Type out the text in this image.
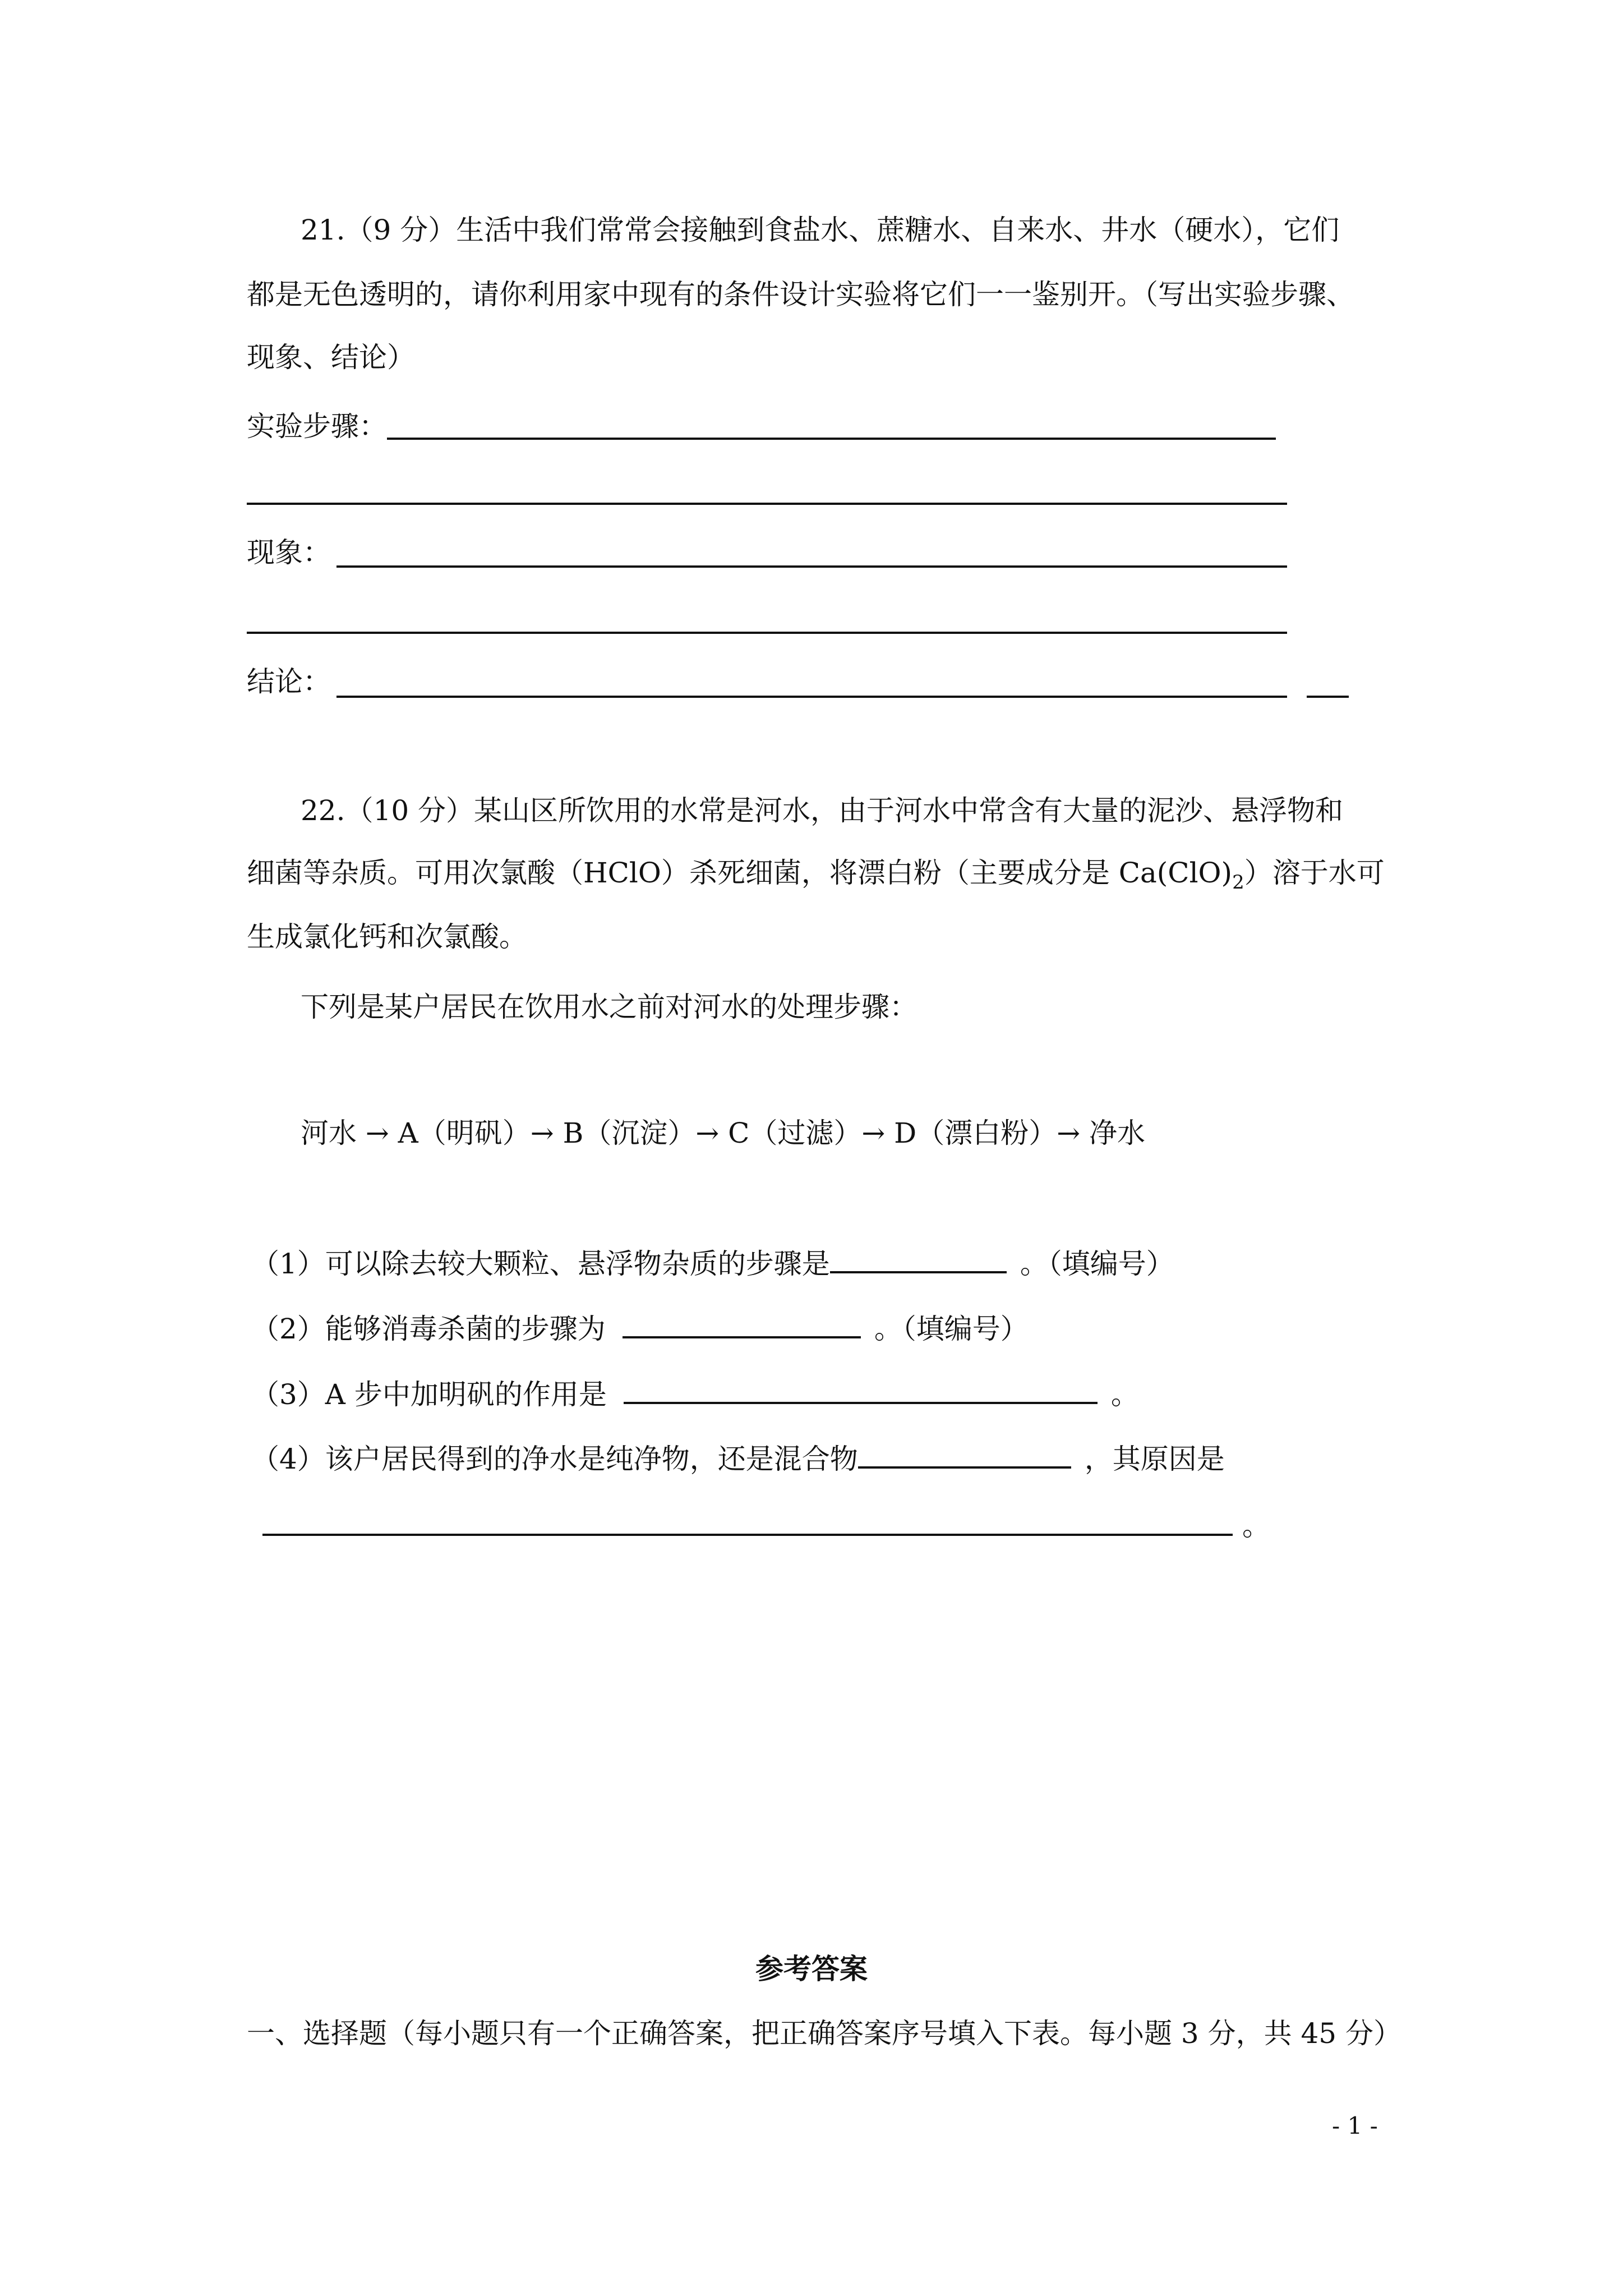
21.（9 分）生活中我们常常会接触到食盐水、蔗糖水、自来水、井水（硬水），它们
都是无色透明的，请你利用家中现有的条件设计实验将它们一一鉴别开。（写出实验步骤、
现象、结论）
实验步骤：
现象：
结论：
22.（10 分）某山区所饮用的水常是河水，由于河水中常含有大量的泥沙、悬浮物和
细菌等杂质。可用次氯酸（HClO）杀死细菌，将漂白粉（主要成分是 $Ca(ClO)_2$）溶于水可
生成氯化钙和次氯酸。
下列是某户居民在饮用水之前对河水的处理步骤：
河水 → A（明矾）→ B（沉淀）→ C（过滤）→ D（漂白粉）→ 净水
（1）可以除去较大颗粒、悬浮物杂质的步骤是	。（填编号）
（2）能够消毒杀菌的步骤为	。（填编号）
（3）A 步中加明矾的作用是	。
（4）该户居民得到的净水是纯净物，还是混合物	，其原因是
。
参考答案
一、选择题（每小题只有一个正确答案，把正确答案序号填入下表。每小题 3 分，共 45 分）
- 1 -
